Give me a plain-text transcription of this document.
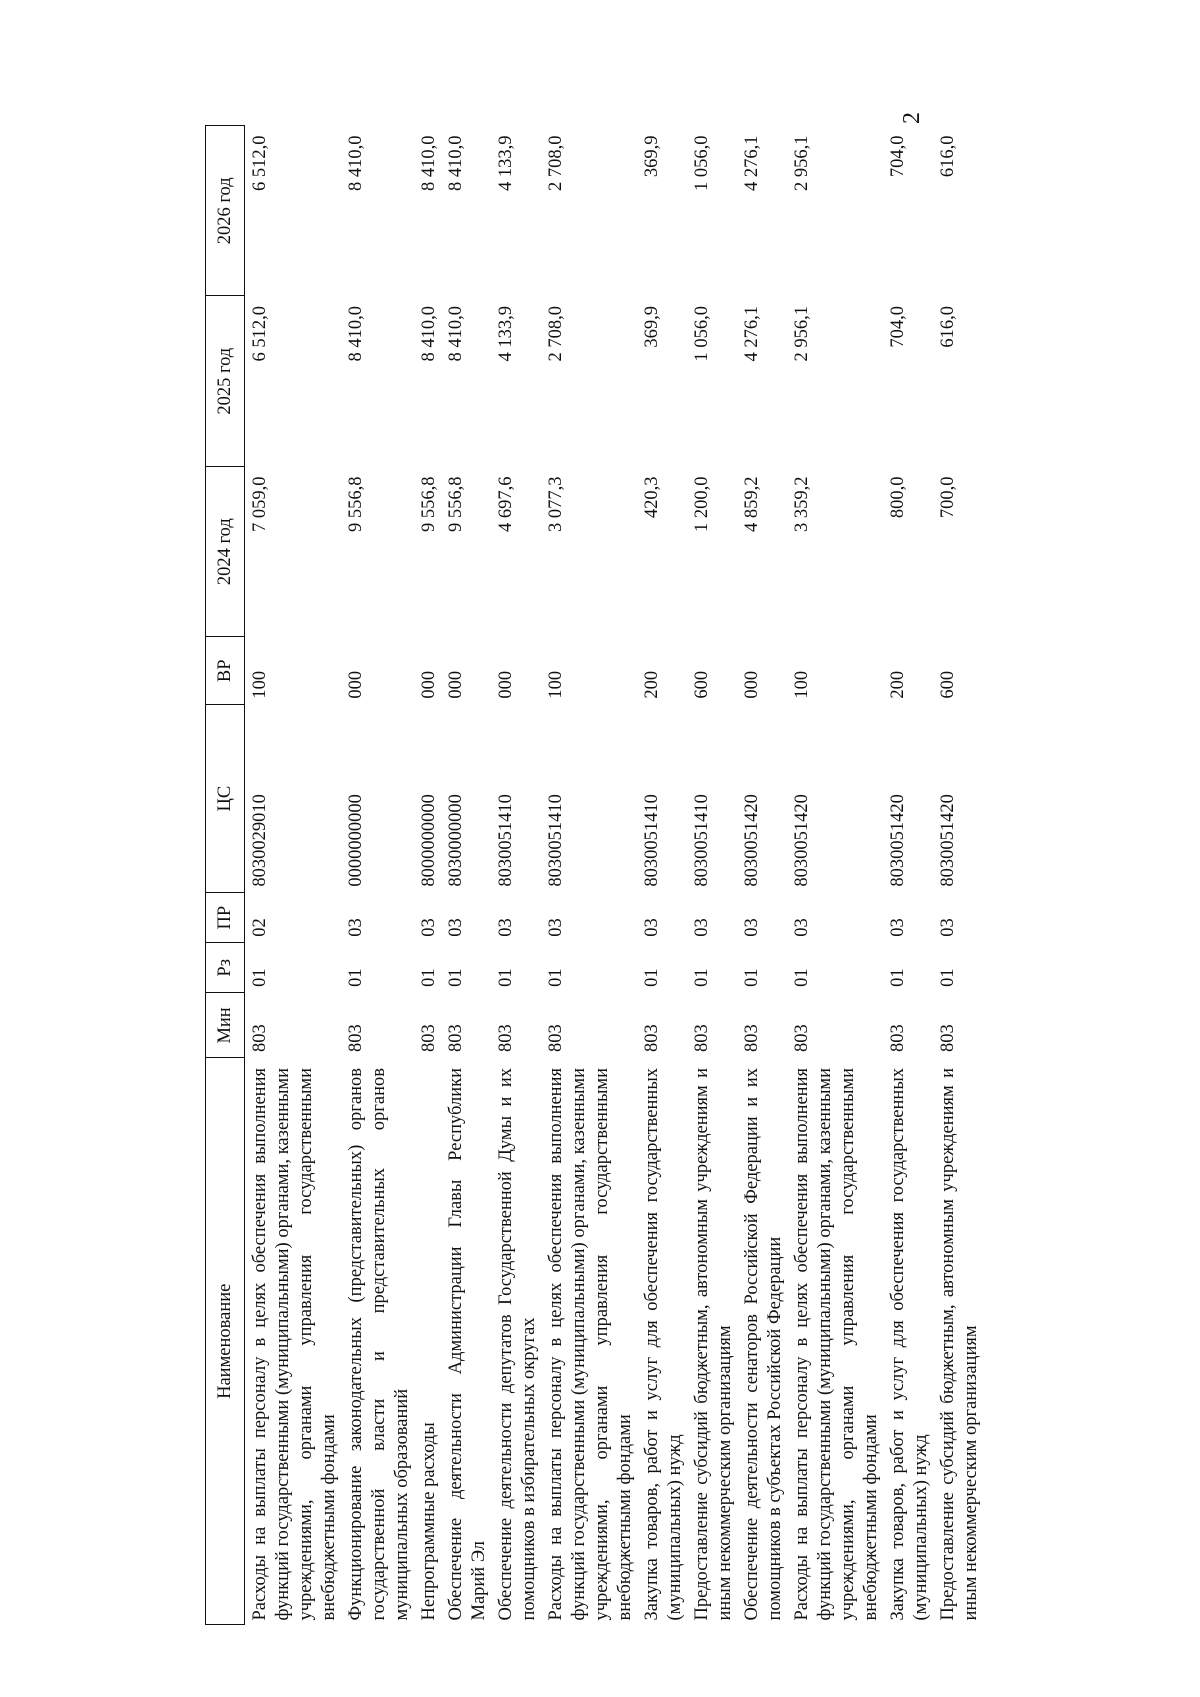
2
Наименование	Мин	Рз	ПР	ЦС	ВР	2024 год	2025 год	2026 год
Расходы на выплаты персоналу в целях обеспечения выполнения функций государственными (муниципальными) органами, казенными учреждениями, органами управления государственными внебюджетными фондами	803	01	02	8030029010	100	7 059,0	6 512,0	6 512,0
Функционирование законодательных (представительных) органов государственной власти и представительных органов муниципальных образований	803	01	03	0000000000	000	9 556,8	8 410,0	8 410,0
Непрограммные расходы	803	01	03	8000000000	000	9 556,8	8 410,0	8 410,0
Обеспечение деятельности Администрации Главы Республики Марий Эл	803	01	03	8030000000	000	9 556,8	8 410,0	8 410,0
Обеспечение деятельности депутатов Государственной Думы и их помощников в избирательных округах	803	01	03	8030051410	000	4 697,6	4 133,9	4 133,9
Расходы на выплаты персоналу в целях обеспечения выполнения функций государственными (муниципальными) органами, казенными учреждениями, органами управления государственными внебюджетными фондами	803	01	03	8030051410	100	3 077,3	2 708,0	2 708,0
Закупка товаров, работ и услуг для обеспечения государственных (муниципальных) нужд	803	01	03	8030051410	200	420,3	369,9	369,9
Предоставление субсидий бюджетным, автономным учреждениям и иным некоммерческим организациям	803	01	03	8030051410	600	1 200,0	1 056,0	1 056,0
Обеспечение деятельности сенаторов Российской Федерации и их помощников в субъектах Российской Федерации	803	01	03	8030051420	000	4 859,2	4 276,1	4 276,1
Расходы на выплаты персоналу в целях обеспечения выполнения функций государственными (муниципальными) органами, казенными учреждениями, органами управления государственными внебюджетными фондами	803	01	03	8030051420	100	3 359,2	2 956,1	2 956,1
Закупка товаров, работ и услуг для обеспечения государственных (муниципальных) нужд	803	01	03	8030051420	200	800,0	704,0	704,0
Предоставление субсидий бюджетным, автономным учреждениям и иным некоммерческим организациям	803	01	03	8030051420	600	700,0	616,0	616,0
